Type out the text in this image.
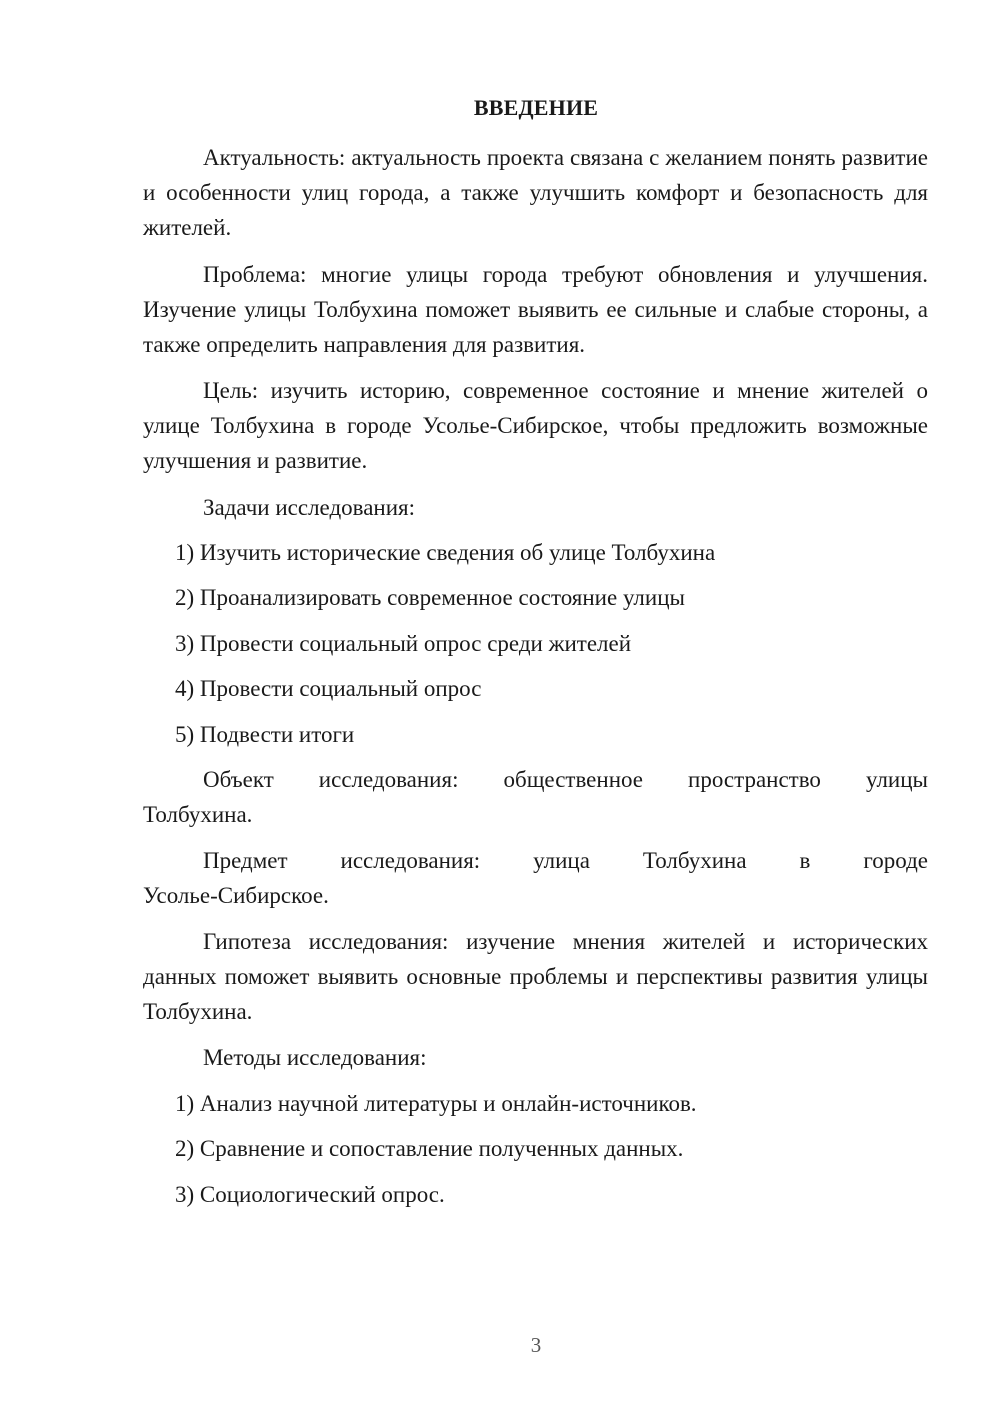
ВВЕДЕНИЕ

Актуальность: актуальность проекта связана с желанием понять развитие и особенности улиц города, а также улучшить комфорт и безопасность для жителей.

Проблема: многие улицы города требуют обновления и улучшения. Изучение улицы Толбухина поможет выявить ее сильные и слабые стороны, а также определить направления для развития.

Цель: изучить историю, современное состояние и мнение жителей о улице Толбухина в городе Усолье-Сибирское, чтобы предложить возможные улучшения и развитие.

Задачи исследования:

1) Изучить исторические сведения об улице Толбухина

2) Проанализировать современное состояние улицы

3) Провести социальный опрос среди жителей

4) Провести социальный опрос

5) Подвести итоги

Объект исследования: общественное пространство улицы

Толбухина.

Предмет исследования: улица Толбухина в городе

Усолье-Сибирское.

Гипотеза исследования: изучение мнения жителей и исторических данных поможет выявить основные проблемы и перспективы развития улицы Толбухина.

Методы исследования:

1) Анализ научной литературы и онлайн-источников.

2) Сравнение и сопоставление полученных данных.

3) Социологический опрос.

3
